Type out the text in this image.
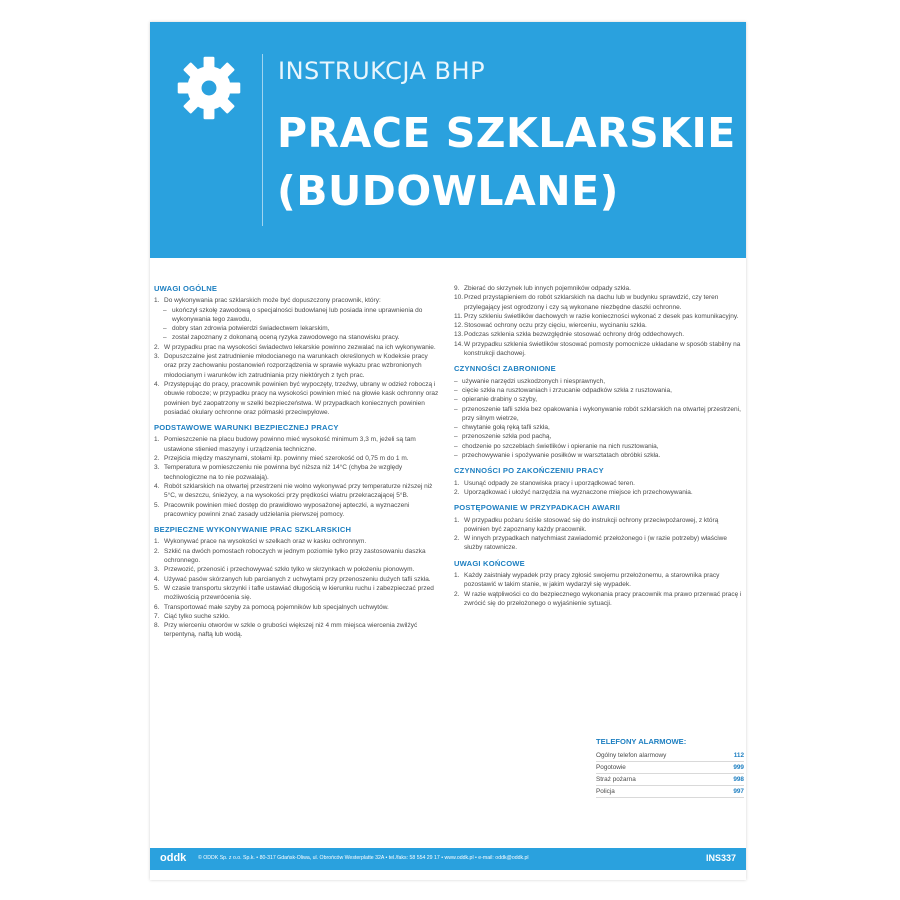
INSTRUKCJA BHP
PRACE SZKLARSKIE
(BUDOWLANE)
UWAGI OGÓLNE
1. Do wykonywania prac szklarskich może być dopuszczony pracownik, który:
– ukończył szkołę zawodową o specjalności budowlanej lub posiada inne uprawnienia do wykonywania tego zawodu,
– dobry stan zdrowia potwierdzi świadectwem lekarskim,
– został zapoznany z dokonaną oceną ryzyka zawodowego na stanowisku pracy.
2. W przypadku prac na wysokości świadectwo lekarskie powinno zezwalać na ich wykonywanie.
3. Dopuszczalne jest zatrudnienie młodocianego na warunkach określonych w Kodeksie pracy oraz przy zachowaniu postanowień rozporządzenia w sprawie wykazu prac wzbronionych młodocianym i warunków ich zatrudniania przy niektórych z tych prac.
4. Przystępując do pracy, pracownik powinien być wypoczęty, trzeźwy, ubrany w odzież roboczą i obuwie robocze; w przypadku pracy na wysokości powinien mieć na głowie kask ochronny oraz powinien być zaopatrzony w szelki bezpieczeństwa. W przypadkach koniecznych powinien posiadać okulary ochronne oraz półmaski przeciwpyłowe.
PODSTAWOWE WARUNKI BEZPIECZNEJ PRACY
1. Pomieszczenie na placu budowy powinno mieć wysokość minimum 3,3 m, jeżeli są tam ustawione stienied maszyny i urządzenia techniczne.
2. Przejścia między maszynami, stołami itp. powinny mieć szerokość od 0,75 m do 1 m.
3. Temperatura w pomieszczeniu nie powinna być niższa niż 14°C (chyba że względy technologiczne na to nie pozwalają).
4. Robót szklarskich na otwartej przestrzeni nie wolno wykonywać przy temperaturze niższej niż 5°C, w deszczu, śnieżycy, a na wysokości przy prędkości wiatru przekraczającej 5°B.
5. Pracownik powinien mieć dostęp do prawidłowo wyposażonej apteczki, a wyznaczeni pracownicy powinni znać zasady udzielania pierwszej pomocy.
BEZPIECZNE WYKONYWANIE PRAC SZKLARSKICH
1. Wykonywać prace na wysokości w szelkach oraz w kasku ochronnym.
2. Szkłić na dwóch pomostach roboczych w jednym poziomie tylko przy zastosowaniu daszka ochronnego.
3. Przewozić, przenosić i przechowywać szkło tylko w skrzynkach w położeniu pionowym.
4. Używać pasów skórzanych lub parcianych z uchwytami przy przenoszeniu dużych tafli szkła.
5. W czasie transportu skrzynki i tafle ustawiać długością w kierunku ruchu i zabezpieczać przed możliwością przewrócenia się.
6. Transportować małe szyby za pomocą pojemników lub specjalnych uchwytów.
7. Ciąć tylko suche szkło.
8. Przy wierceniu otworów w szkle o grubości większej niż 4 mm miejsca wiercenia zwilżyć terpentyną, naftą lub wodą.
9. Zbierać do skrzynek lub innych pojemników odpady szkła.
10. Przed przystąpieniem do robót szklarskich na dachu lub w budynku sprawdzić, czy teren przylegający jest ogrodzony i czy są wykonane niezbędne daszki ochronne.
11. Przy szkleniu świetlików dachowych w razie konieczności wykonać z desek pas komunikacyjny.
12. Stosować ochrony oczu przy cięciu, wierceniu, wycinaniu szkła.
13. Podczas szklenia szkła bezwzględnie stosować ochrony dróg oddechowych.
14. W przypadku szklenia świetlików stosować pomosty pomocnicze układane w sposób stabilny na konstrukcji dachowej.
CZYNNOŚCI ZABRONIONE
– używanie narzędzi uszkodzonych i niesprawnych,
– cięcie szkła na rusztowaniach i zrzucanie odpadków szkła z rusztowania,
– opieranie drabiny o szyby,
– przenoszenie tafli szkła bez opakowania i wykonywanie robót szklarskich na otwartej przestrzeni, przy silnym wietrze,
– chwytanie gołą ręką tafli szkła,
– przenoszenie szkła pod pachą,
– chodzenie po szczeblach świetlików i opieranie na nich rusztowania,
– przechowywanie i spożywanie posiłków w warsztatach obróbki szkła.
CZYNNOŚCI PO ZAKOŃCZENIU PRACY
1. Usunąć odpady ze stanowiska pracy i uporządkować teren.
2. Uporządkować i ułożyć narzędzia na wyznaczone miejsce ich przechowywania.
POSTĘPOWANIE W PRZYPADKACH AWARII
1. W przypadku pożaru ściśle stosować się do instrukcji ochrony przeciwpożarowej, z którą powinien być zapoznany każdy pracownik.
2. W innych przypadkach natychmiast zawiadomić przełożonego i (w razie potrzeby) właściwe służby ratownicze.
UWAGI KOŃCOWE
1. Każdy zaistniały wypadek przy pracy zgłosić swojemu przełożonemu, a starownika pracy pozostawić w takim stanie, w jakim wydarzył się wypadek.
2. W razie wątpliwości co do bezpiecznego wykonania pracy pracownik ma prawo przerwać pracę i zwrócić się do przełożonego o wyjaśnienie sytuacji.
TELEFONY ALARMOWE:
Ogólny telefon alarmowy	112
Pogotowie	999
Straż pożarna	998
Policja	997
oddk © ODDK Sp. z o.o. Sp.k. • 80-317 Gdańsk-Oliwa, ul. Obrońców Westerplatte 32A • tel./faks: 58 554 29 17 • www.oddk.pl • e-mail: oddk@oddk.pl	INS337
